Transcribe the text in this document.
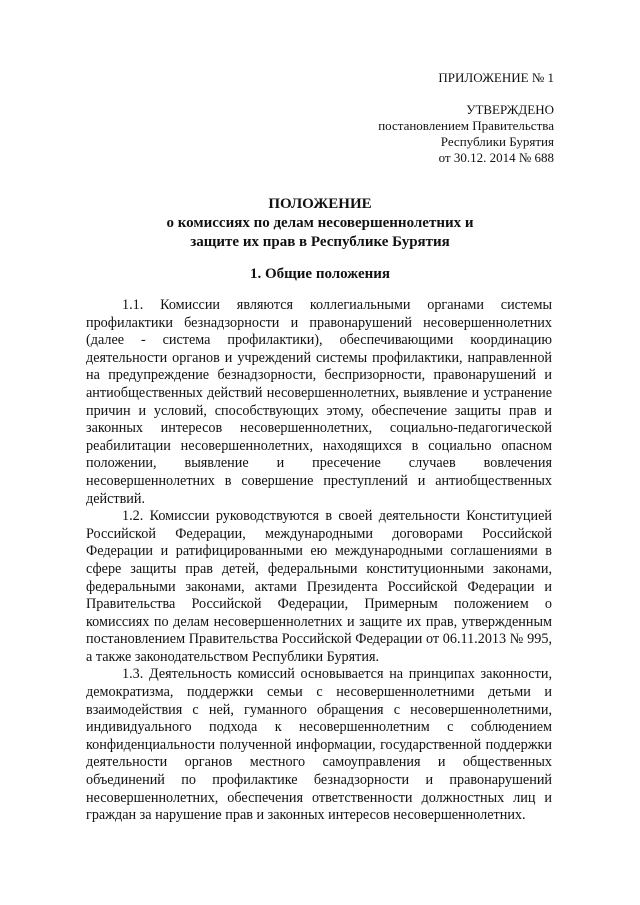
ПРИЛОЖЕНИЕ № 1
УТВЕРЖДЕНО
постановлением Правительства
Республики Бурятия
от 30.12. 2014 № 688
ПОЛОЖЕНИЕ
о комиссиях по делам несовершеннолетних и
защите их прав в Республике Бурятия
1. Общие положения

1.1. Комиссии являются коллегиальными органами системы профилактики безнадзорности и правонарушений несовершеннолетних (далее - система профилактики), обеспечивающими координацию деятельности органов и учреждений системы профилактики, направленной на предупреждение безнадзорности, беспризорности, правонарушений и антиобщественных действий несовершеннолетних, выявление и устранение причин и условий, способствующих этому, обеспечение защиты прав и законных интересов несовершеннолетних, социально-педагогической реабилитации несовершеннолетних, находящихся в социально опасном положении, выявление и пресечение случаев вовлечения несовершеннолетних в совершение преступлений и антиобщественных действий.

1.2. Комиссии руководствуются в своей деятельности Конституцией Российской Федерации, международными договорами Российской Федерации и ратифицированными ею международными соглашениями в сфере защиты прав детей, федеральными конституционными законами, федеральными законами, актами Президента Российской Федерации и Правительства Российской Федерации, Примерным положением о комиссиях по делам несовершеннолетних и защите их прав, утвержденным постановлением Правительства Российской Федерации от 06.11.2013 № 995, а также законодательством Республики Бурятия.

1.3. Деятельность комиссий основывается на принципах законности, демократизма, поддержки семьи с несовершеннолетними детьми и взаимодействия с ней, гуманного обращения с несовершеннолетними, индивидуального подхода к несовершеннолетним с соблюдением конфиденциальности полученной информации, государственной поддержки деятельности органов местного самоуправления и общественных объединений по профилактике безнадзорности и правонарушений несовершеннолетних, обеспечения ответственности должностных лиц и граждан за нарушение прав и законных интересов несовершеннолетних.
